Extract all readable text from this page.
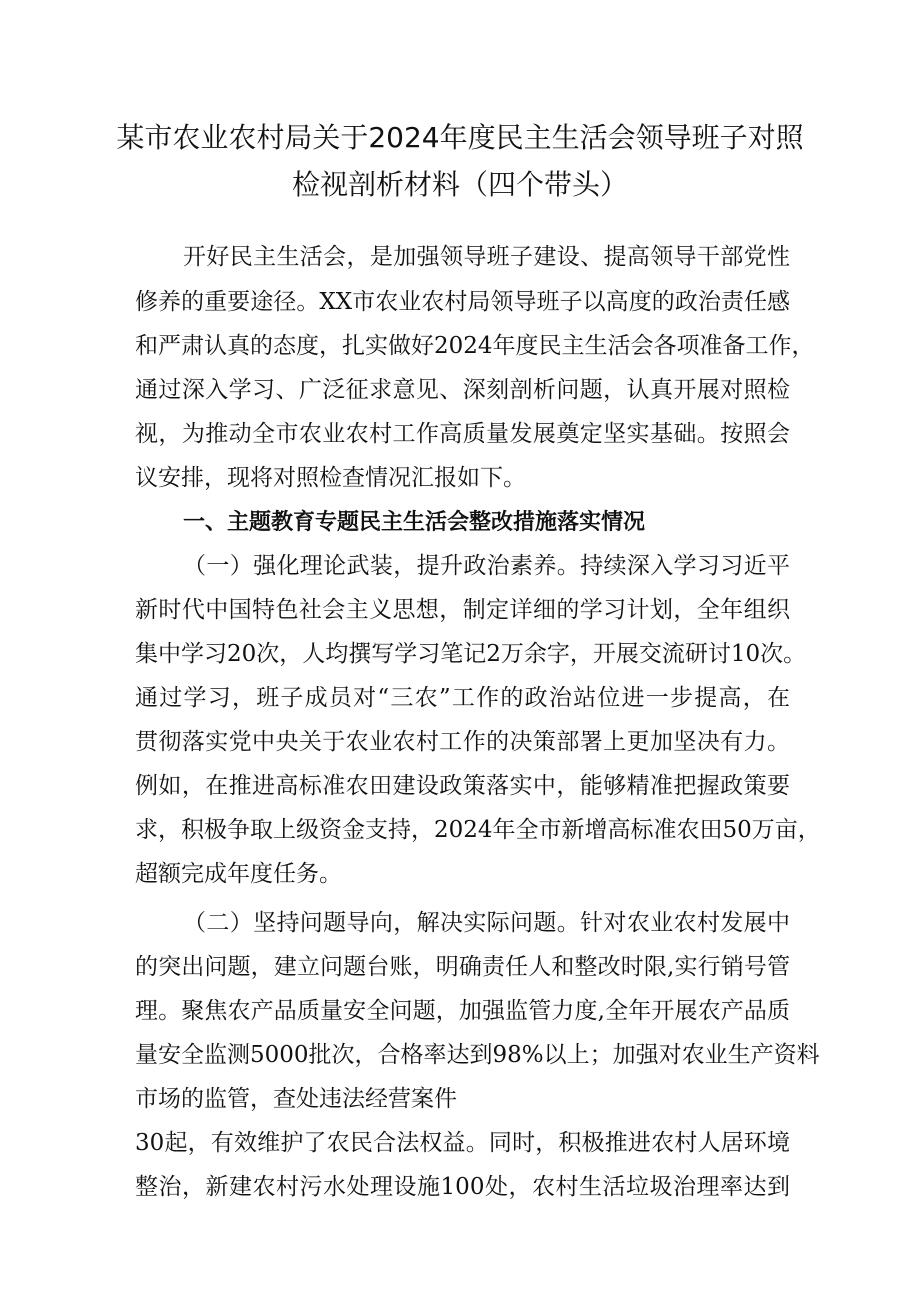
某市农业农村局关于2024年度民主生活会领导班子对照
检视剖析材料（四个带头）
开好民主生活会，是加强领导班子建设、提高领导干部党性
修养的重要途径。XX市农业农村局领导班子以高度的政治责任感
和严肃认真的态度，扎实做好2024年度民主生活会各项准备工作，
通过深入学习、广泛征求意见、深刻剖析问题，认真开展对照检
视，为推动全市农业农村工作高质量发展奠定坚实基础。按照会
议安排，现将对照检查情况汇报如下。
一、主题教育专题民主生活会整改措施落实情况
（一）强化理论武装，提升政治素养。持续深入学习习近平
新时代中国特色社会主义思想，制定详细的学习计划，全年组织
集中学习20次，人均撰写学习笔记2万余字，开展交流研讨10次。
通过学习，班子成员对“三农”工作的政治站位进一步提高，在
贯彻落实党中央关于农业农村工作的决策部署上更加坚决有力。
例如，在推进高标准农田建设政策落实中，能够精准把握政策要
求，积极争取上级资金支持，2024年全市新增高标准农田50万亩，
超额完成年度任务。
（二）坚持问题导向，解决实际问题。针对农业农村发展中
的突出问题，建立问题台账，明确责任人和整改时限,实行销号管
理。聚焦农产品质量安全问题，加强监管力度,全年开展农产品质
量安全监测5000批次，合格率达到98%以上；加强对农业生产资料
市场的监管，查处违法经营案件
30起，有效维护了农民合法权益。同时，积极推进农村人居环境
整治，新建农村污水处理设施100处，农村生活垃圾治理率达到
